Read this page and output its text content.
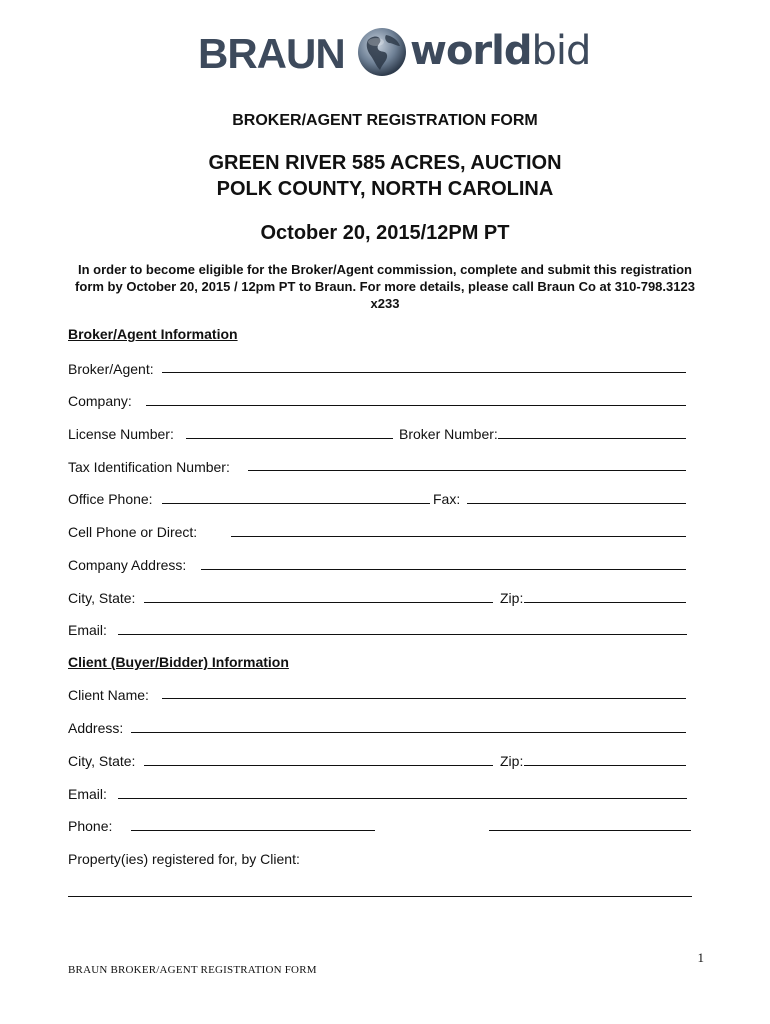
BRAUN worldbid
BROKER/AGENT REGISTRATION FORM
GREEN RIVER 585 ACRES, AUCTION
POLK COUNTY, NORTH CAROLINA
October 20, 2015/12PM PT
In order to become eligible for the Broker/Agent commission, complete and submit this registration form by October 20, 2015 / 12pm PT to Braun. For more details, please call Braun Co at 310-798.3123 x233
Broker/Agent Information
Broker/Agent:
Company:
License Number:	Broker Number:
Tax Identification Number:
Office Phone:	Fax:
Cell Phone or Direct:
Company Address:
City, State:	Zip:
Email:
Client (Buyer/Bidder) Information
Client Name:
Address:
City, State:	Zip:
Email:
Phone:
Property(ies) registered for, by Client:
1
BRAUN BROKER/AGENT REGISTRATION FORM
